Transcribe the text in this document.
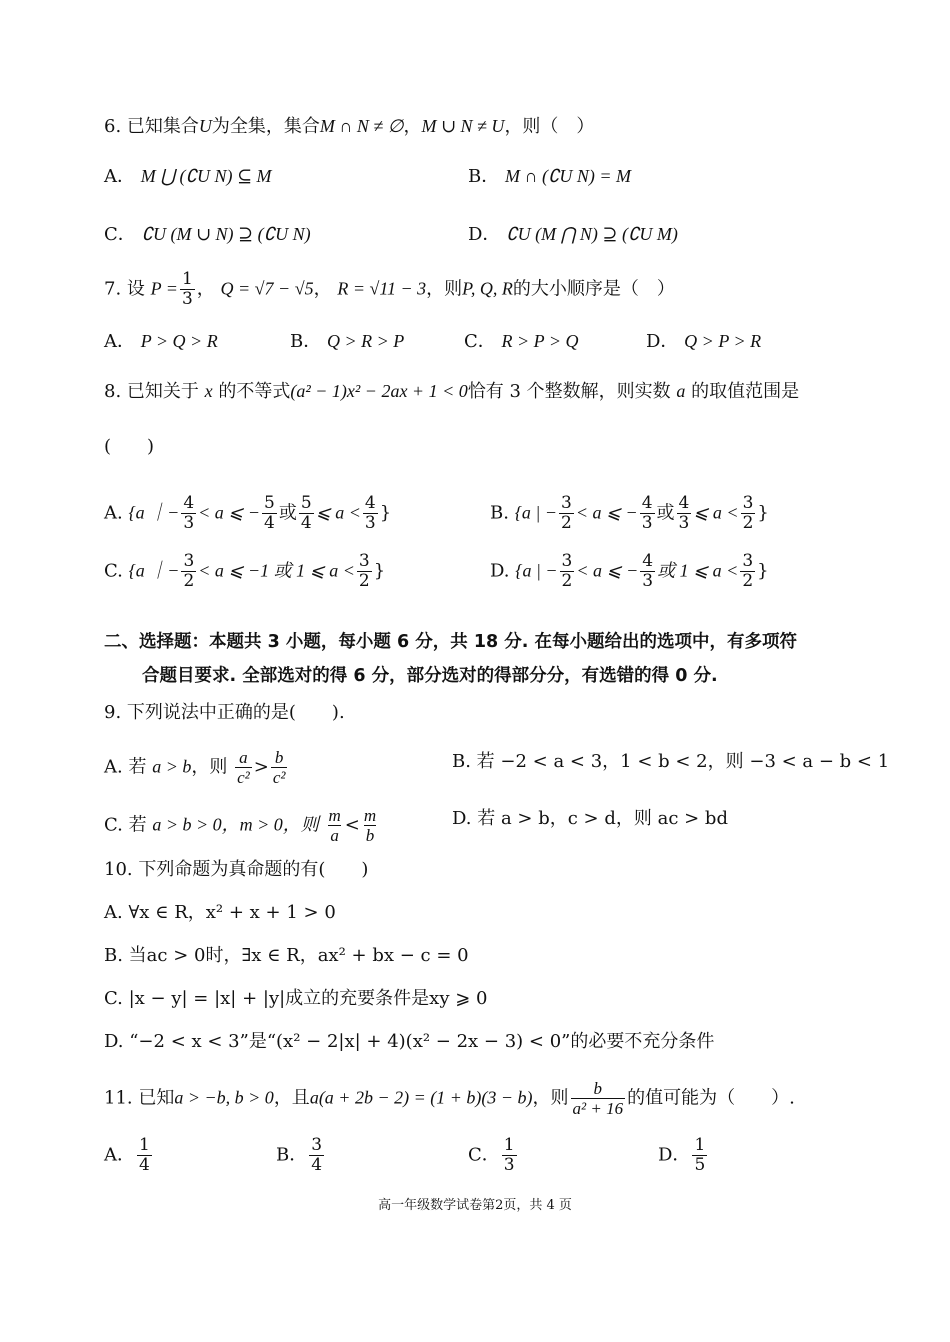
6. 已知集合U为全集，集合M ∩ N ≠ ∅，M ∪ N ≠ U，则（　）
A． M ⋃ (∁U N) ⊆ M	B． M ∩ (∁U N) = M
C． ∁U (M ∪ N) ⊇ (∁U N)	D． ∁U (M ⋂ N) ⊇ (∁U M)
7. 设 $P = \frac{1}{3}$ ， Q = √7 − √5， R = √11 − 3，则P, Q, R的大小顺序是（　）
A． P > Q > R	B． Q > R > P	C． R > P > Q	D． Q > P > R
8. 已知关于 x 的不等式(a² − 1)x² − 2ax + 1 < 0恰有 3 个整数解，则实数 a 的取值范围是
(　　)
A. {a ｜− $\frac{4}{3} < a$ ⩽ − $\frac{5}{4}$ 或 $\frac{5}{4}$ ⩽ $a < \frac{4}{3}$ }	B. {a | − $\frac{3}{2} < a$ ⩽ − $\frac{4}{3}$ 或 $\frac{4}{3}$ ⩽ $a < \frac{3}{2}$ }
C. {a ｜− $\frac{3}{2} < a$ ⩽ −1 或 1 ⩽ $a < \frac{3}{2}$ }	D. {a | − $\frac{3}{2} < a$ ⩽ − $\frac{4}{3}$ 或 1 ⩽ $a < \frac{3}{2}$ }
二、选择题：本题共 3 小题，每小题 6 分，共 18 分. 在每小题给出的选项中，有多项符
合题目要求. 全部选对的得 6 分，部分选对的得部分分，有选错的得 0 分.
9. 下列说法中正确的是(　　).
A. 若 a > b，则 $\frac{a}{\text{c²}} > \frac{b}{\text{c²}}$	B. 若 −2 < a < 3，1 < b < 2，则 −3 < a − b < 1
C. 若 a > b > 0，m > 0，则 $\frac{m}{a} < \frac{m}{b}$	D. 若 a > b，c > d，则 ac > bd
10. 下列命题为真命题的有(　　)
A. ∀x ∈ R，x² + x + 1 > 0
B. 当ac > 0时，∃x ∈ R，ax² + bx − c = 0
C. |x − y| = |x| + |y|成立的充要条件是xy ⩾ 0
D. “−2 < x < 3”是“(x² − 2|x| + 4)(x² − 2x − 3) < 0”的必要不充分条件
11. 已知a > −b, b > 0，且a(a + 2b − 2) = (1 + b)(3 − b)，则 $\frac{b}{\text{a² + 16}}$ 的值可能为（　　）.
A． $\frac{1}{4}$	B． $\frac{3}{4}$	C． $\frac{1}{3}$	D． $\frac{1}{5}$
高一年级数学试卷第2页，共 4 页
